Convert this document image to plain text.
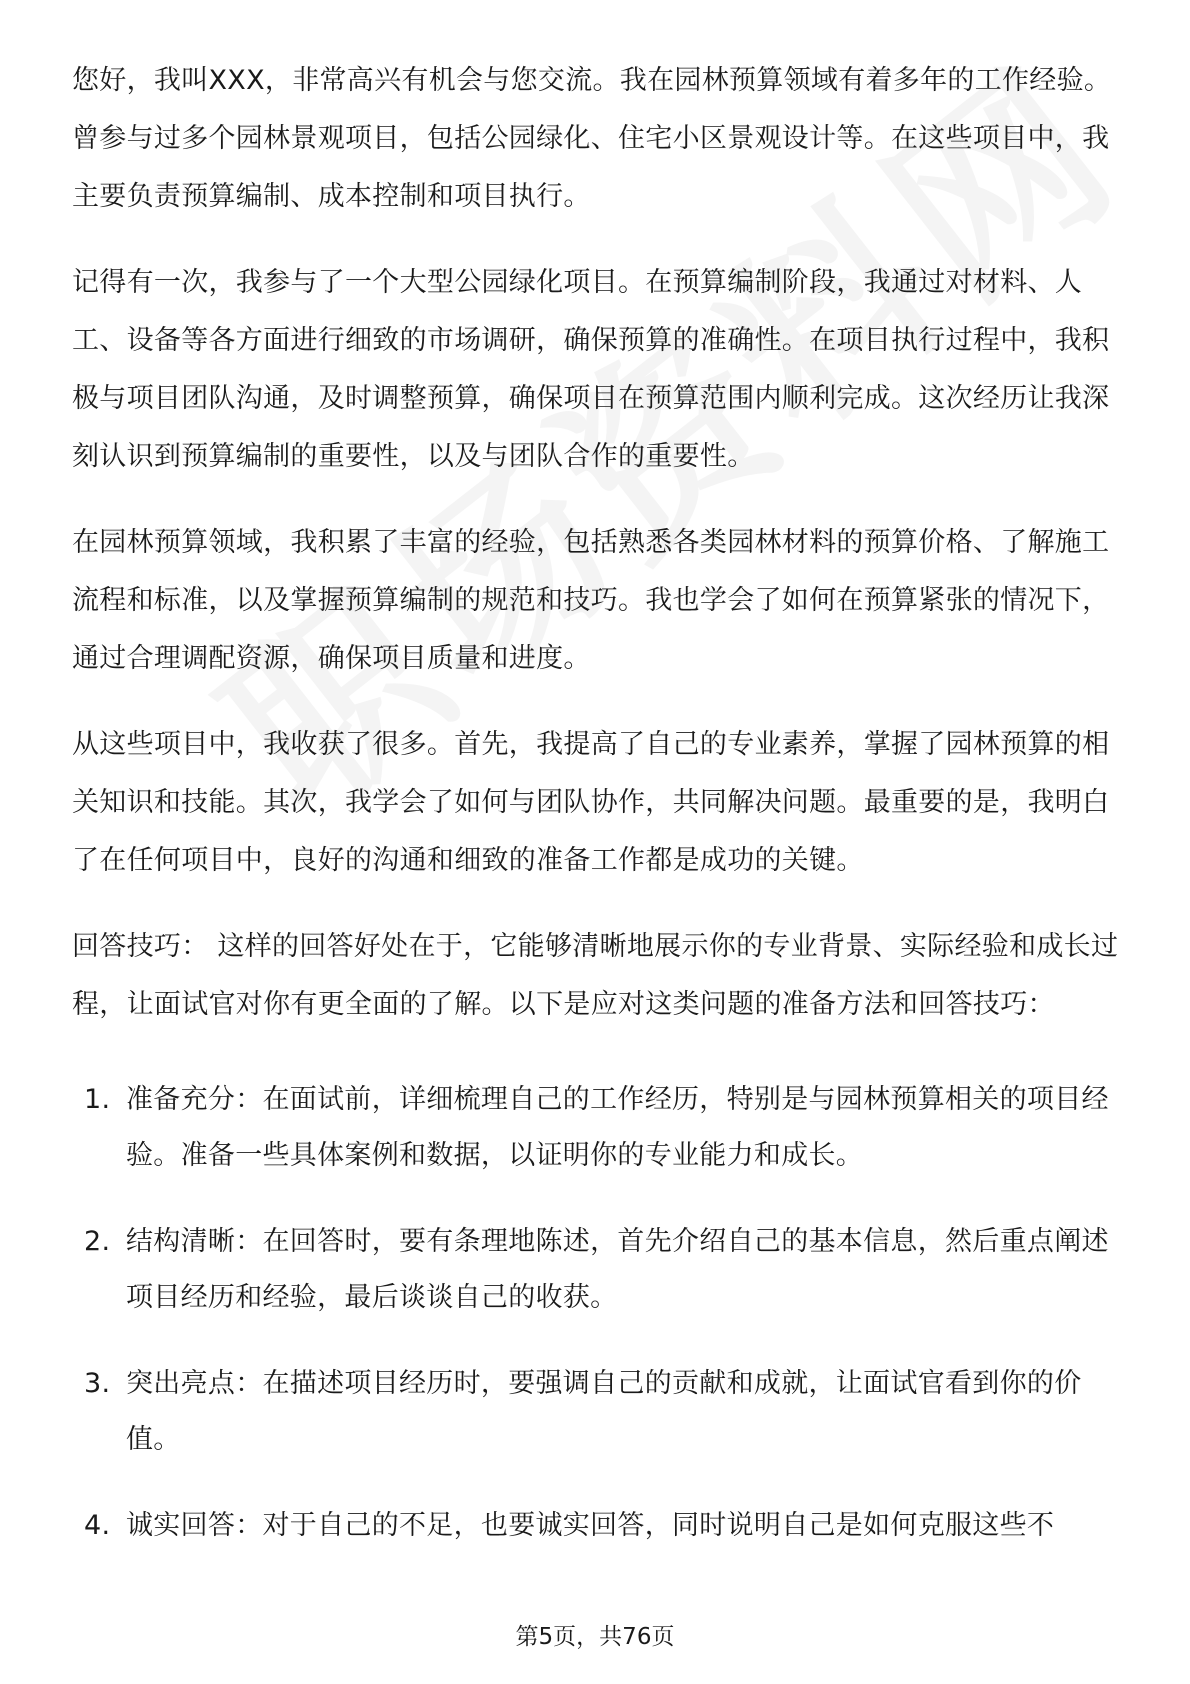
您好，我叫XXX，非常高兴有机会与您交流。我在园林预算领域有着多年的工作经验。曾参与过多个园林景观项目，包括公园绿化、住宅小区景观设计等。在这些项目中，我主要负责预算编制、成本控制和项目执行。

记得有一次，我参与了一个大型公园绿化项目。在预算编制阶段，我通过对材料、人工、设备等各方面进行细致的市场调研，确保预算的准确性。在项目执行过程中，我积极与项目团队沟通，及时调整预算，确保项目在预算范围内顺利完成。这次经历让我深刻认识到预算编制的重要性，以及与团队合作的重要性。

在园林预算领域，我积累了丰富的经验，包括熟悉各类园林材料的预算价格、了解施工流程和标准，以及掌握预算编制的规范和技巧。我也学会了如何在预算紧张的情况下，通过合理调配资源，确保项目质量和进度。

从这些项目中，我收获了很多。首先，我提高了自己的专业素养，掌握了园林预算的相关知识和技能。其次，我学会了如何与团队协作，共同解决问题。最重要的是，我明白了在任何项目中，良好的沟通和细致的准备工作都是成功的关键。

回答技巧： 这样的回答好处在于，它能够清晰地展示你的专业背景、实际经验和成长过程，让面试官对你有更全面的了解。以下是应对这类问题的准备方法和回答技巧：

1. 准备充分：在面试前，详细梳理自己的工作经历，特别是与园林预算相关的项目经验。准备一些具体案例和数据，以证明你的专业能力和成长。
2. 结构清晰：在回答时，要有条理地陈述，首先介绍自己的基本信息，然后重点阐述项目经历和经验，最后谈谈自己的收获。
3. 突出亮点：在描述项目经历时，要强调自己的贡献和成就，让面试官看到你的价值。
4. 诚实回答：对于自己的不足，也要诚实回答，同时说明自己是如何克服这些不
第5页，共76页
